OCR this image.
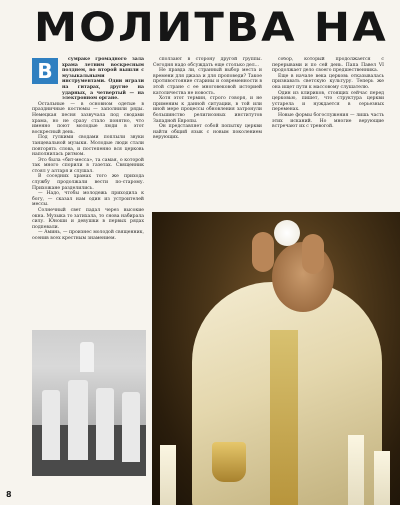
МОЛИТВА НА

сумраке громадного зала храма летним воскресным полднем, во второй вышли с музыкальными инструментами. Одни играли на гитарах, другие на ударных, а четвертый — на электронном органе.

Остальные — в основном одетые в праздничные костюмы — заполнили ряды. Немецкая песня зазвучала под сводами храма, но не сразу стало понятно, что именно поют молодые люди в этот воскресный день.

Под гулкими сводами поплыли звуки танцевальной музыки. Молодые люди стали повторять слова, и постепенно вся церковь наполнилась ритмом.

Это была «бит-месса», та самая, о которой так много спорили в газетах. Священник стоял у алтаря и слушал.

В соседних храмах того же прихода службу продолжали вести по-старому. Прихожане разделились.

— Надо, чтобы молодежь приходила к богу, — сказал нам один из устроителей мессы.

Солнечный свет падал через высокие окна. Музыка то затихала, то снова набирала силу. Юноши и девушки в первых рядах подпевали.

— Аминь, — произнес молодой священник, осенив всех крестным знамением.

В	сползают в сторону другой группы. Сегодня надо обсуждать еще столько дел...

Не правда ли, странный выбор места и времени для джаза и для проповеди? Такое противостояние старины и современности в этой стране с ее многовековой историей католичества не новость.

Хотя этот термин, строго говоря, и не применим к данной ситуации, в той или иной мере процессы обновления затронули большинство религиозных институтов Западной Европы.

Он представляет собой попытку церкви найти общий язык с новым поколением верующих.

собор, который продолжается с перерывами и по сей день. Папа Павел VI продолжает дело своего предшественника.

Еще в начале века церковь отказывалась признавать светскую культуру. Теперь же она ищет пути к массовому слушателю.

Один из клириков, стоящих сейчас перед церковью, пишет, что структура церкви устарела и нуждается в серьезных переменах.

Новые формы богослужения — лишь часть этих исканий. Но многие верующие встречают их с тревогой.

8
